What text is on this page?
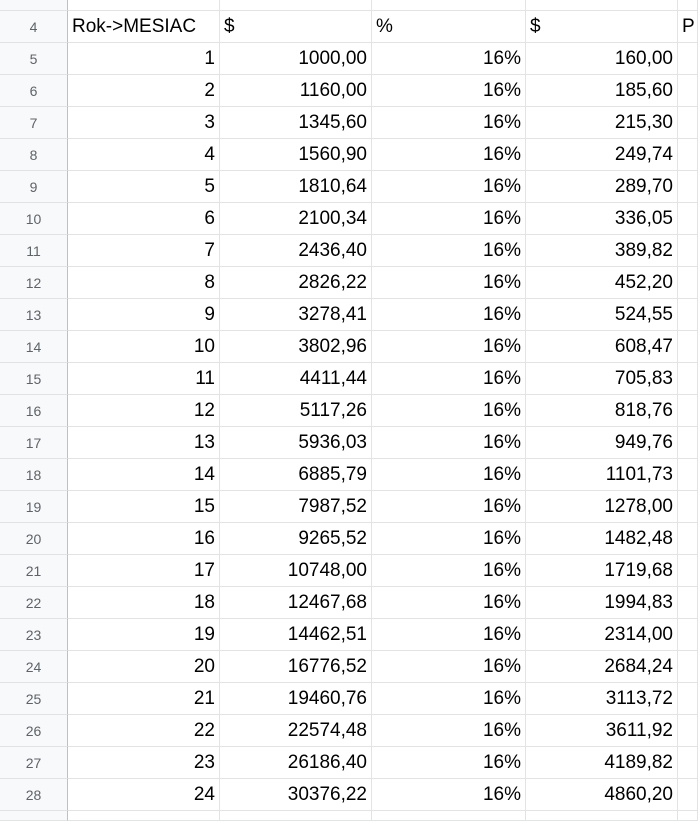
4	Rok->MESIAC	$	%	$	P
5	1	1000,00	16%	160,00
6	2	1160,00	16%	185,60
7	3	1345,60	16%	215,30
8	4	1560,90	16%	249,74
9	5	1810,64	16%	289,70
10	6	2100,34	16%	336,05
11	7	2436,40	16%	389,82
12	8	2826,22	16%	452,20
13	9	3278,41	16%	524,55
14	10	3802,96	16%	608,47
15	11	4411,44	16%	705,83
16	12	5117,26	16%	818,76
17	13	5936,03	16%	949,76
18	14	6885,79	16%	1101,73
19	15	7987,52	16%	1278,00
20	16	9265,52	16%	1482,48
21	17	10748,00	16%	1719,68
22	18	12467,68	16%	1994,83
23	19	14462,51	16%	2314,00
24	20	16776,52	16%	2684,24
25	21	19460,76	16%	3113,72
26	22	22574,48	16%	3611,92
27	23	26186,40	16%	4189,82
28	24	30376,22	16%	4860,20
